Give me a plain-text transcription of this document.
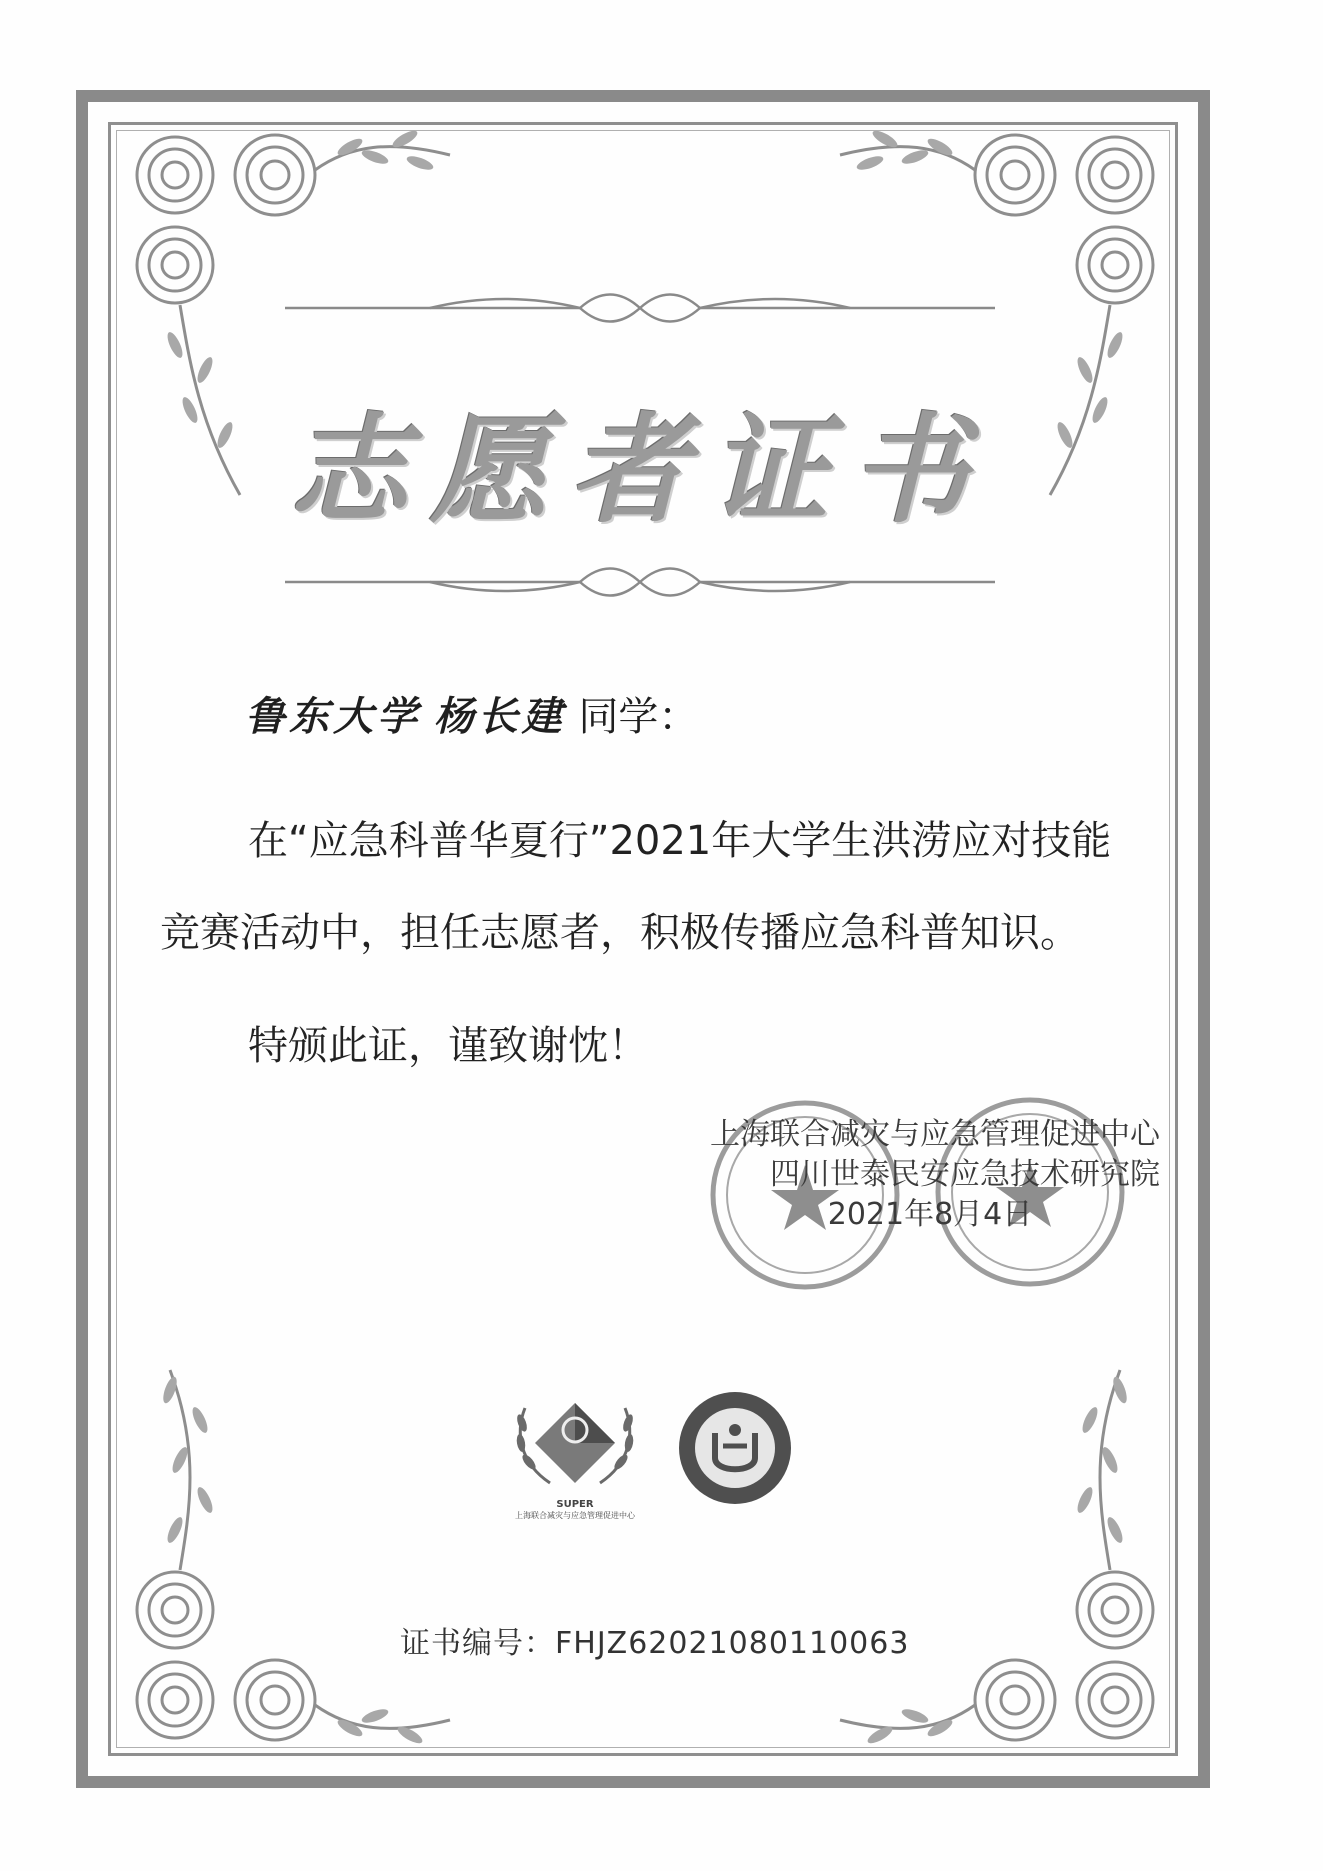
志愿者证书
鲁东大学 杨长建 同学：
在“应急科普华夏行”2021年大学生洪涝应对技能竞赛活动中，担任志愿者，积极传播应急科普知识。
特颁此证，谨致谢忱！
上海联合减灾与应急管理促进中心
四川世泰民安应急技术研究院
2021年8月4日
SUPER
上海联合减灾与应急管理促进中心
证书编号：FHJZ62021080110063
